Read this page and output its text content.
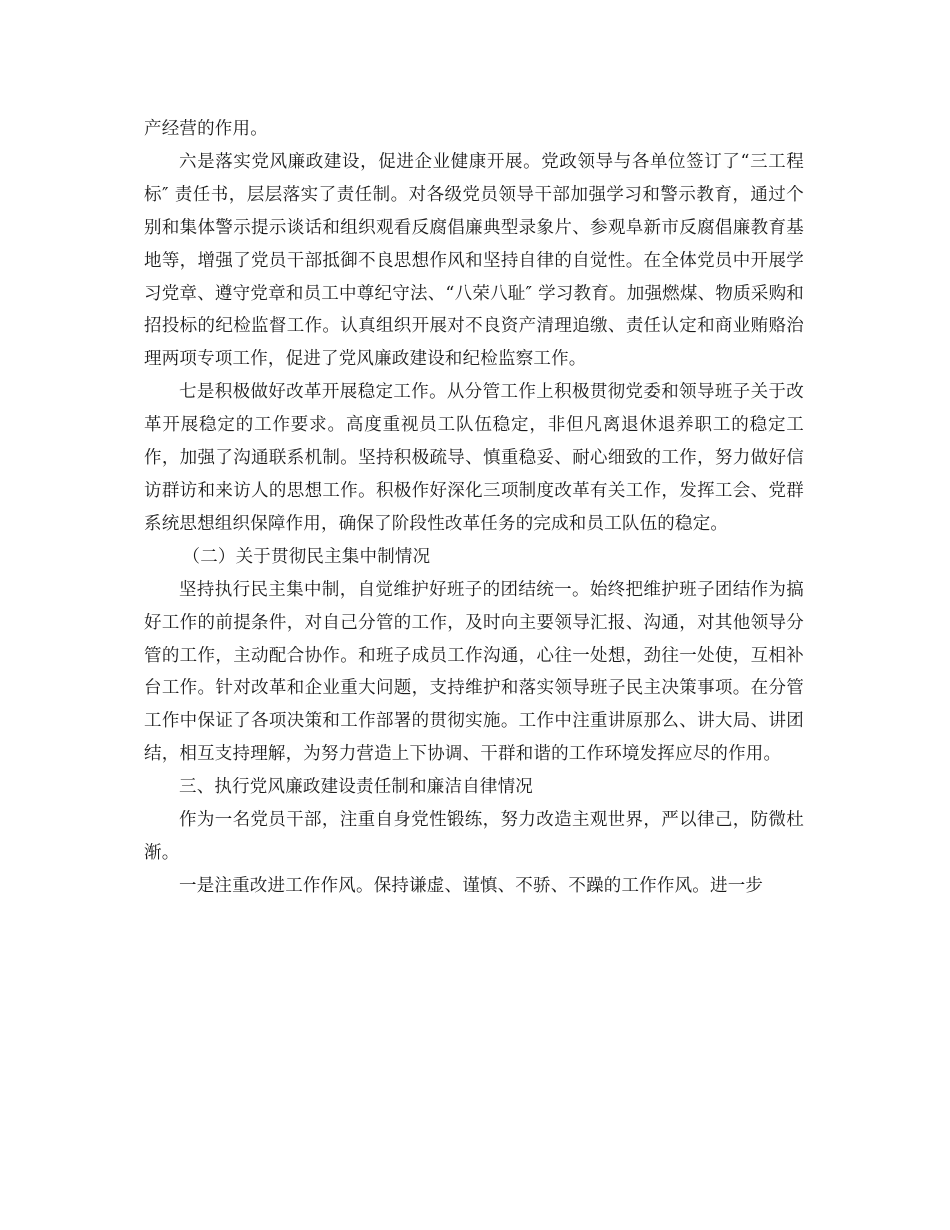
产经营的作用。

六是落实党风廉政建设，促进企业健康开展。党政领导与各单位签订了“三工程标″ 责任书，层层落实了责任制。对各级党员领导干部加强学习和警示教育，通过个别和集体警示提示谈话和组织观看反腐倡廉典型录象片、参观阜新市反腐倡廉教育基地等，增强了党员干部抵御不良思想作风和坚持自律的自觉性。在全体党员中开展学习党章、遵守党章和员工中尊纪守法、“八荣八耻″ 学习教育。加强燃煤、物质采购和招投标的纪检监督工作。认真组织开展对不良资产清理追缴、责任认定和商业贿赂治理两项专项工作，促进了党风廉政建设和纪检监察工作。

七是积极做好改革开展稳定工作。从分管工作上积极贯彻党委和领导班子关于改革开展稳定的工作要求。高度重视员工队伍稳定，非但凡离退休退养职工的稳定工作，加强了沟通联系机制。坚持积极疏导、慎重稳妥、耐心细致的工作，努力做好信访群访和来访人的思想工作。积极作好深化三项制度改革有关工作，发挥工会、党群系统思想组织保障作用，确保了阶段性改革任务的完成和员工队伍的稳定。

（二）关于贯彻民主集中制情况

坚持执行民主集中制，自觉维护好班子的团结统一。始终把维护班子团结作为搞好工作的前提条件，对自己分管的工作，及时向主要领导汇报、沟通，对其他领导分管的工作，主动配合协作。和班子成员工作沟通，心往一处想，劲往一处使，互相补台工作。针对改革和企业重大问题，支持维护和落实领导班子民主决策事项。在分管工作中保证了各项决策和工作部署的贯彻实施。工作中注重讲原那么、讲大局、讲团结，相互支持理解，为努力营造上下协调、干群和谐的工作环境发挥应尽的作用。

三、执行党风廉政建设责任制和廉洁自律情况

作为一名党员干部，注重自身党性锻练，努力改造主观世界，严以律己，防微杜渐。

一是注重改进工作作风。保持谦虚、谨慎、不骄、不躁的工作作风。进一步
